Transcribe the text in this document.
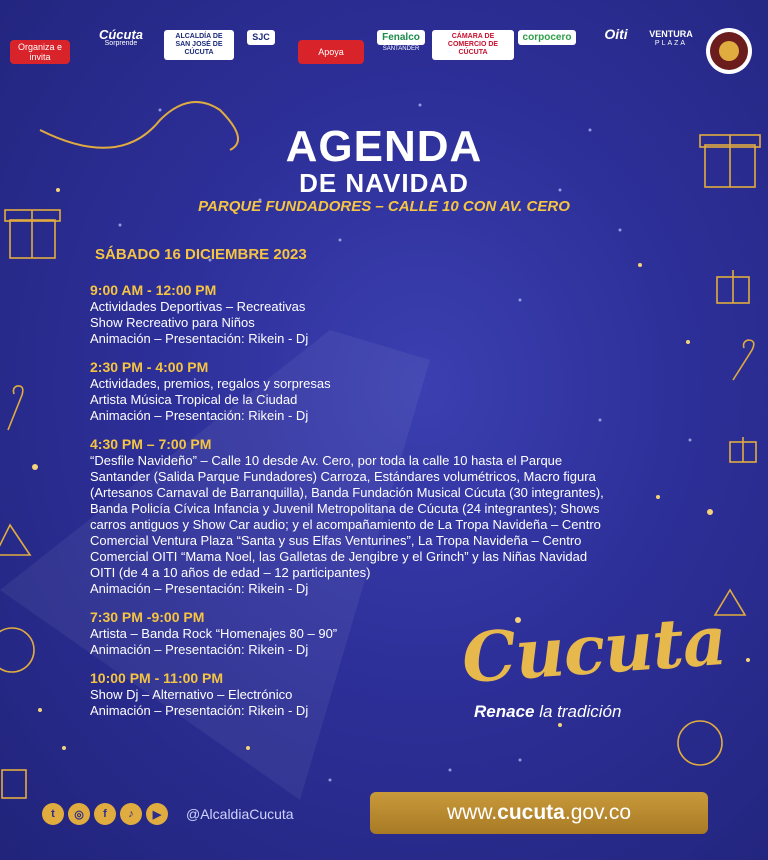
Organiza e invita
Cúcuta
Sorprende
ALCALDÍA DE SAN JOSÉ DE CÚCUTA
SJC
Apoya
Fenalco
SANTANDER
CÁMARA DE COMERCIO DE CÚCUTA
corpocero	Oiti VENTURA
PLAZA
AGENDA
DE NAVIDAD
PARQUE FUNDADORES – CALLE 10 CON AV. CERO
SÁBADO 16 DICIEMBRE 2023
9:00 AM - 12:00 PM
Actividades Deportivas – Recreativas
Show Recreativo para Niños
Animación – Presentación: Rikein - Dj
2:30 PM - 4:00 PM
Actividades, premios, regalos y sorpresas
Artista Música Tropical de la Ciudad
Animación – Presentación: Rikein - Dj
4:30 PM – 7:00 PM
“Desfile Navideño” – Calle 10 desde Av. Cero, por toda la calle 10 hasta el Parque
Santander (Salida Parque Fundadores) Carroza, Estándares volumétricos, Macro figura
(Artesanos Carnaval de Barranquilla), Banda Fundación Musical Cúcuta (30 integrantes),
Banda Policía Cívica Infancia y Juvenil Metropolitana de Cúcuta (24 integrantes); Shows
carros antiguos y Show Car audio; y el acompañamiento de La Tropa Navideña – Centro
Comercial Ventura Plaza “Santa y sus Elfas Venturines”, La Tropa Navideña – Centro
Comercial OITI “Mama Noel, las Galletas de Jengibre y el Grinch” y las Niñas Navidad
OITI (de 4 a 10 años de edad – 12 participantes)
Animación – Presentación: Rikein - Dj
7:30 PM -9:00 PM
Artista – Banda Rock “Homenajes 80 – 90”
Animación – Presentación: Rikein - Dj
10:00 PM - 11:00 PM
Show Dj – Alternativo – Electrónico
Animación – Presentación: Rikein - Dj
Cucuta
Renace la tradición
t	◎	f	♪	▶	@AlcaldiaCucuta	www. cucuta .gov.co
